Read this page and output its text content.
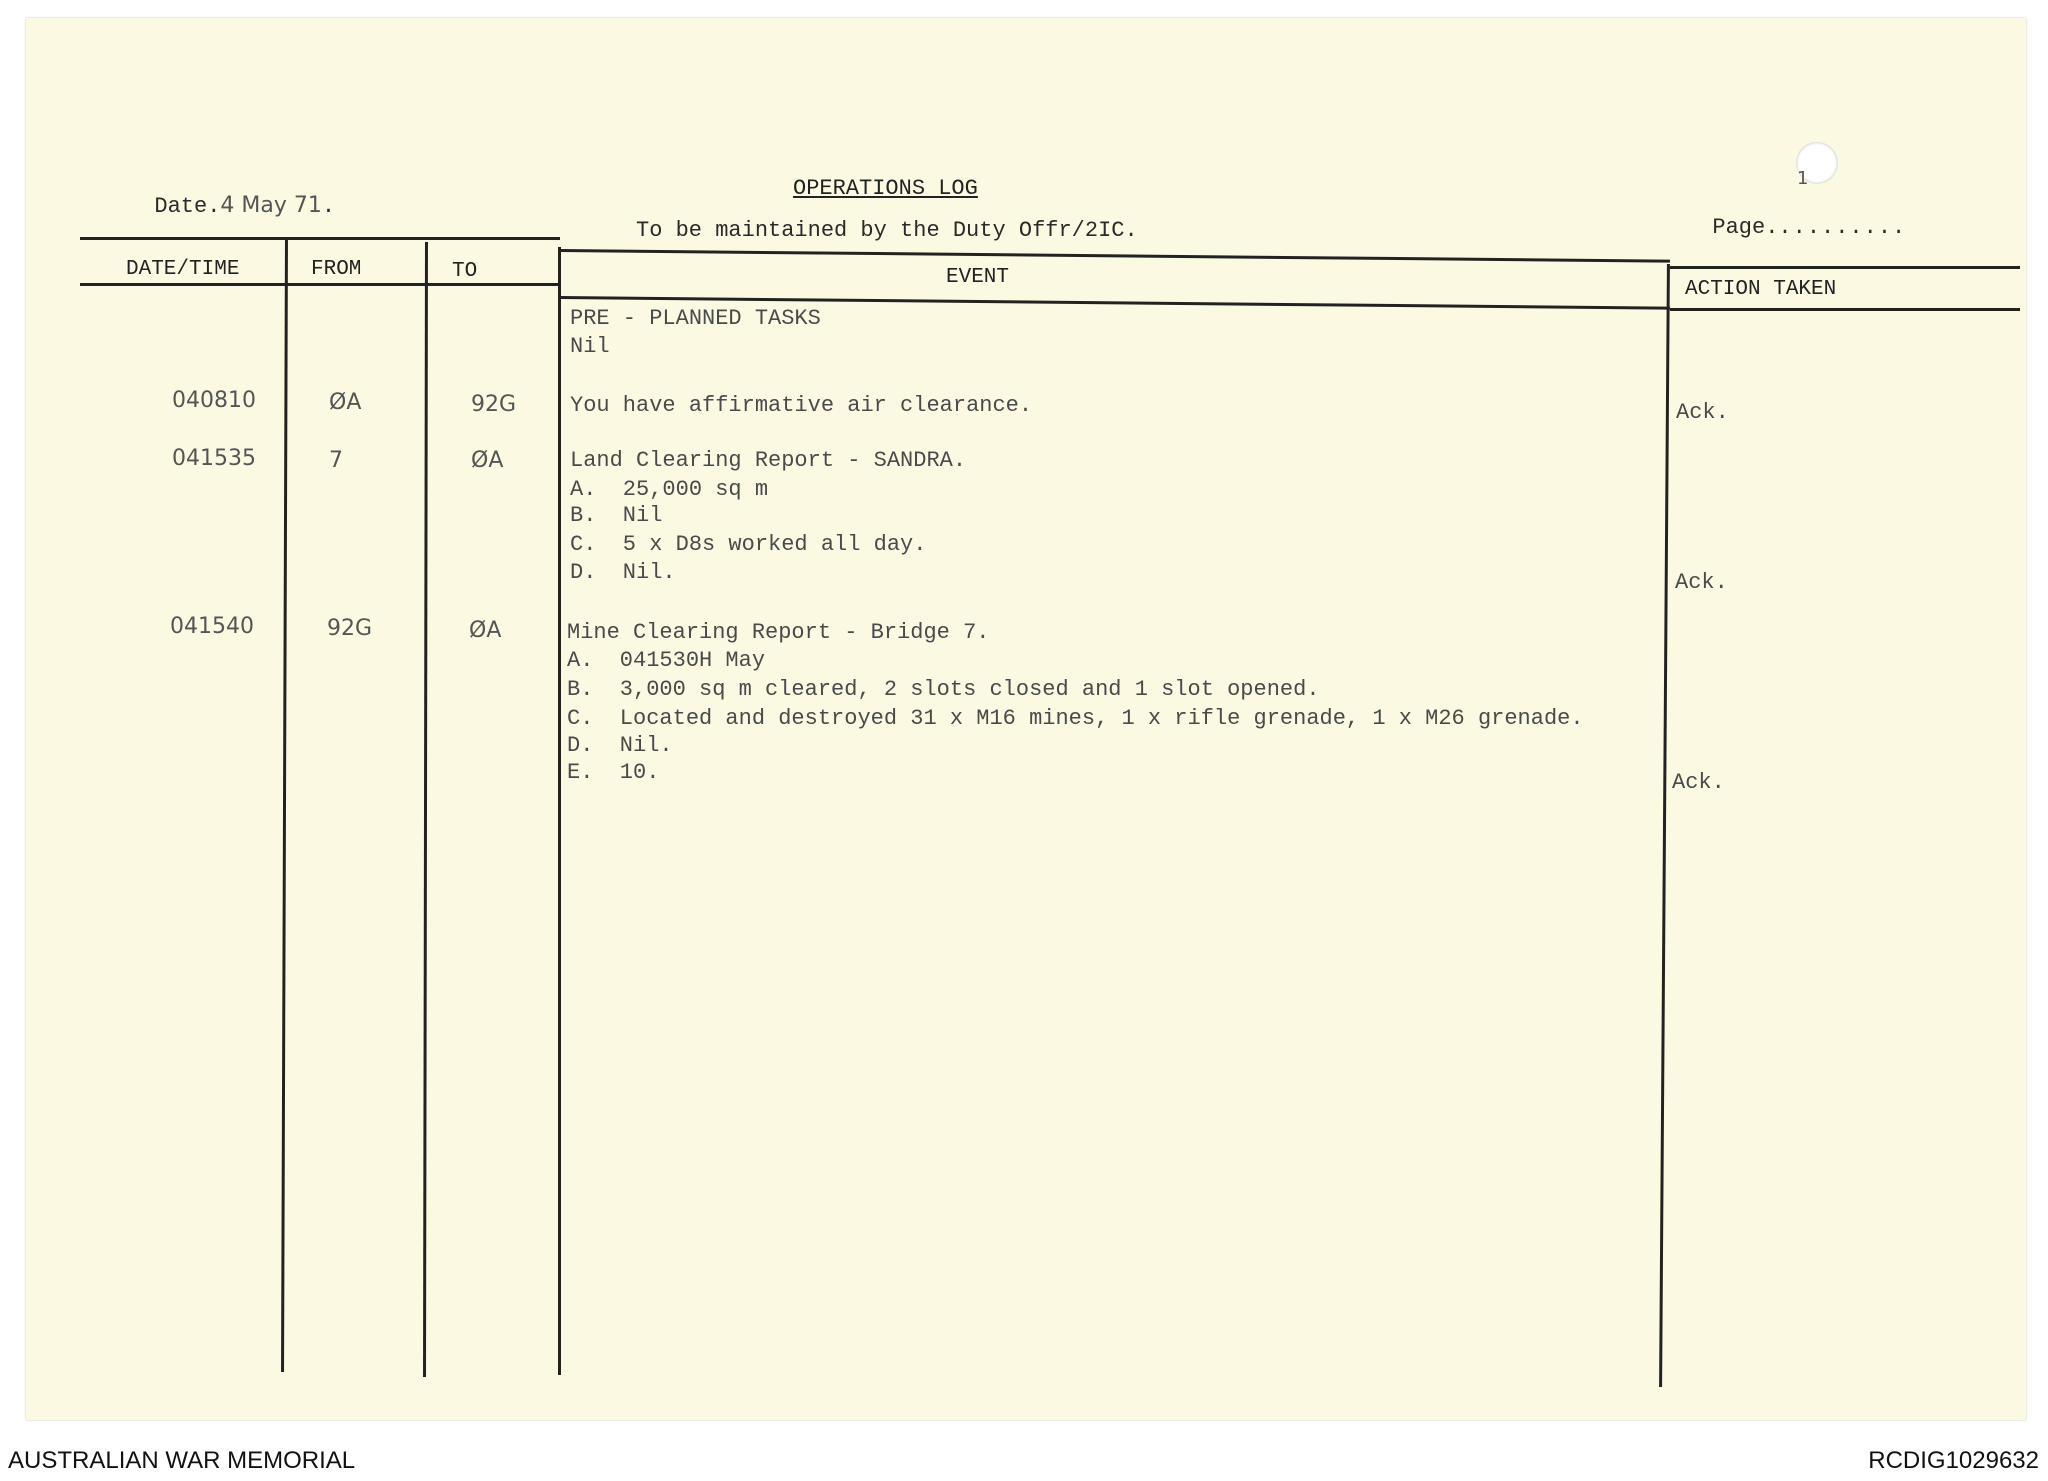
Date.4 May 71.

OPERATIONS LOG
To be maintained by the Duty Offr/2IC.	Page..........

1
DATE/TIME	FROM	TO	EVENT
ACTION TAKEN
PRE - PLANNED TASKS
Nil
040810	ØA	92G You have affirmative air clearance.	Ack.
041535	7	ØA	Land Clearing Report - SANDRA.
A.  25,000 sq m
B.  Nil
C.  5 x D8s worked all day.
D.  Nil.	Ack.
041540	92G	ØA	Mine Clearing Report - Bridge 7.
A.  041530H May
B.  3,000 sq m cleared, 2 slots closed and 1 slot opened.
C.  Located and destroyed 31 x M16 mines, 1 x rifle grenade, 1 x M26 grenade.
D.  Nil.
E.  10.	Ack.
AUSTRALIAN WAR MEMORIAL	RCDIG1029632
